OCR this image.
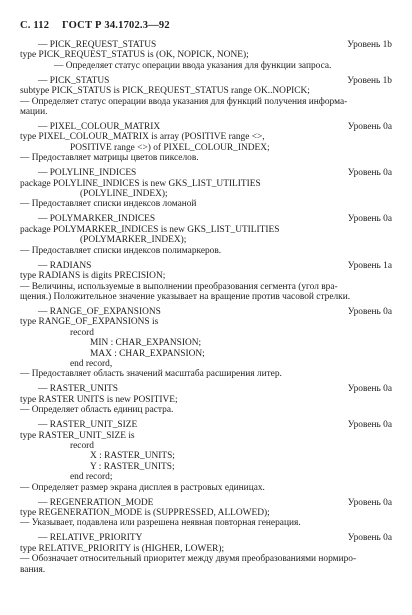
С. 112 ГОСТ Р 34.1702.3—92
— PICK_REQUEST_STATUS	Уровень 1b
type PICK_REQUEST_STATUS is (OK, NOPICK, NONE);
— Определяет статус операции ввода указания для функции запроса.
— PICK_STATUS	Уровень 1b
subtype PICK_STATUS is PICK_REQUEST_STATUS range OK..NOPICK;
— Определяет статус операции ввода указания для функций получения информа-
мации.
— PIXEL_COLOUR_MATRIX	Уровень 0a
type PIXEL_COLOUR_MATRIX is array (POSITIVE range <>,
POSITIVE range <>) of PIXEL_COLOUR_INDEX;
— Предоставляет матрицы цветов пикселов.
— POLYLINE_INDICES	Уровень 0a
package POLYLINE_INDICES is new GKS_LIST_UTILITIES
(POLYLINE_INDEX);
— Предоставляет списки индексов ломаной
— POLYMARKER_INDICES	Уровень 0a
package POLYMARKER_INDICES is new GKS_LIST_UTILITIES
(POLYMARKER_INDEX);
— Предоставляет списки индексов полимаркеров.
— RADIANS	Уровень 1a
type RADIANS is digits PRECISION;
— Величины, используемые в выполнении преобразования сегмента (угол вра-
щения.) Положительное значение указывает на вращение против часовой стрелки.
— RANGE_OF_EXPANSIONS	Уровень 0a
type RANGE_OF_EXPANSIONS is
record
MIN : CHAR_EXPANSION;
MAX : CHAR_EXPANSION;
end record,
— Предоставляет область значений масштаба расширения литер.
— RASTER_UNITS	Уровень 0a
type RASTER UNITS is new POSITIVE;
— Определяет область единиц растра.
— RASTER_UNIT_SIZE	Уровень 0a
type RASTER_UNIT_SIZE is
record
X : RASTER_UNITS;
Y : RASTER_UNITS;
end record;
— Определяет размер экрана дисплея в растровых единицах.
— REGENERATION_MODE	Уровень 0a
type REGENERATION_MODE is (SUPPRESSED, ALLOWED);
— Указывает, подавлена или разрешена неявная повторная генерация.
— RELATIVE_PRIORITY	Уровень 0a
type RELATIVE_PRIORITY is (HIGHER, LOWER);
— Обозначает относительный приоритет между двумя преобразованиями нормиро-
вания.
